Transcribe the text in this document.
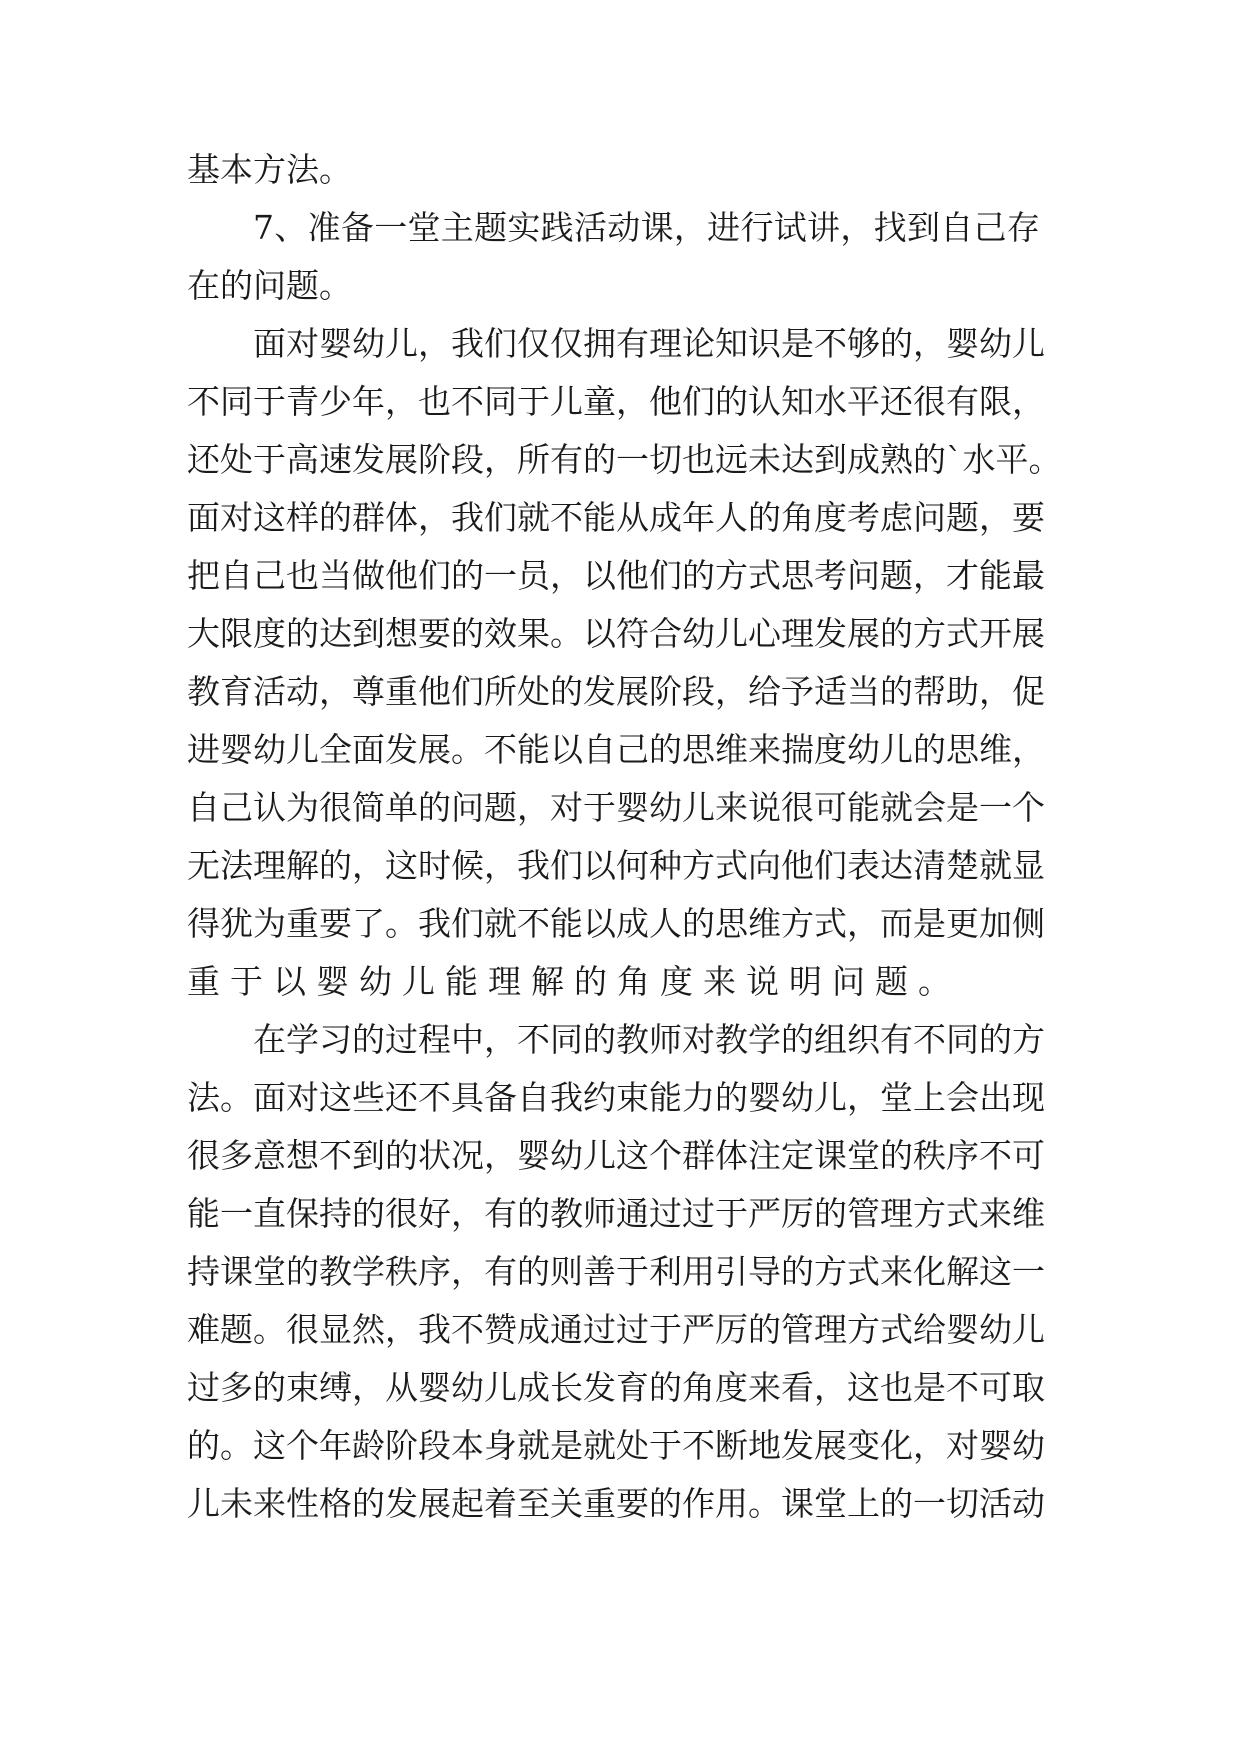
基本方法。
7 、 准 备 一 堂 主 题 实 践 活 动 课 ， 进 行 试 讲 ， 找 到 自 己 存
在的问题。
面 对 婴 幼 儿 ， 我 们 仅 仅 拥 有 理 论 知 识 是 不 够 的 ， 婴 幼 儿
不 同 于 青 少 年 ， 也 不 同 于 儿 童 ， 他 们 的 认 知 水 平 还 很 有 限 ，
还 处 于 高 速 发 展 阶 段 ， 所 有 的 一 切 也 远 未 达 到 成 熟 的 ` 水 平 。
面 对 这 样 的 群 体 ， 我 们 就 不 能 从 成 年 人 的 角 度 考 虑 问 题 ， 要
把 自 己 也 当 做 他 们 的 一 员 ， 以 他 们 的 方 式 思 考 问 题 ， 才 能 最
大 限 度 的 达 到 想 要 的 效 果 。 以 符 合 幼 儿 心 理 发 展 的 方 式 开 展
教 育 活 动 ， 尊 重 他 们 所 处 的 发 展 阶 段 ， 给 予 适 当 的 帮 助 ， 促
进 婴 幼 儿 全 面 发 展 。 不 能 以 自 己 的 思 维 来 揣 度 幼 儿 的 思 维 ，
自 己 认 为 很 简 单 的 问 题 ， 对 于 婴 幼 儿 来 说 很 可 能 就 会 是 一 个
无 法 理 解 的 ， 这 时 候 ， 我 们 以 何 种 方 式 向 他 们 表 达 清 楚 就 显
得 犹 为 重 要 了 。 我 们 就 不 能 以 成 人 的 思 维 方 式 ， 而 是 更 加 侧
重于以婴幼儿能理解的角度来说明问题。
在 学 习 的 过 程 中 ， 不 同 的 教 师 对 教 学 的 组 织 有 不 同 的 方
法 。 面 对 这 些 还 不 具 备 自 我 约 束 能 力 的 婴 幼 儿 ， 堂 上 会 出 现
很 多 意 想 不 到 的 状 况 ， 婴 幼 儿 这 个 群 体 注 定 课 堂 的 秩 序 不 可
能 一 直 保 持 的 很 好 ， 有 的 教 师 通 过 过 于 严 厉 的 管 理 方 式 来 维
持 课 堂 的 教 学 秩 序 ， 有 的 则 善 于 利 用 引 导 的 方 式 来 化 解 这 一
难 题 。 很 显 然 ， 我 不 赞 成 通 过 过 于 严 厉 的 管 理 方 式 给 婴 幼 儿
过 多 的 束 缚 ， 从 婴 幼 儿 成 长 发 育 的 角 度 来 看 ， 这 也 是 不 可 取
的 。 这 个 年 龄 阶 段 本 身 就 是 就 处 于 不 断 地 发 展 变 化 ， 对 婴 幼
儿 未 来 性 格 的 发 展 起 着 至 关 重 要 的 作 用 。 课 堂 上 的 一 切 活 动
